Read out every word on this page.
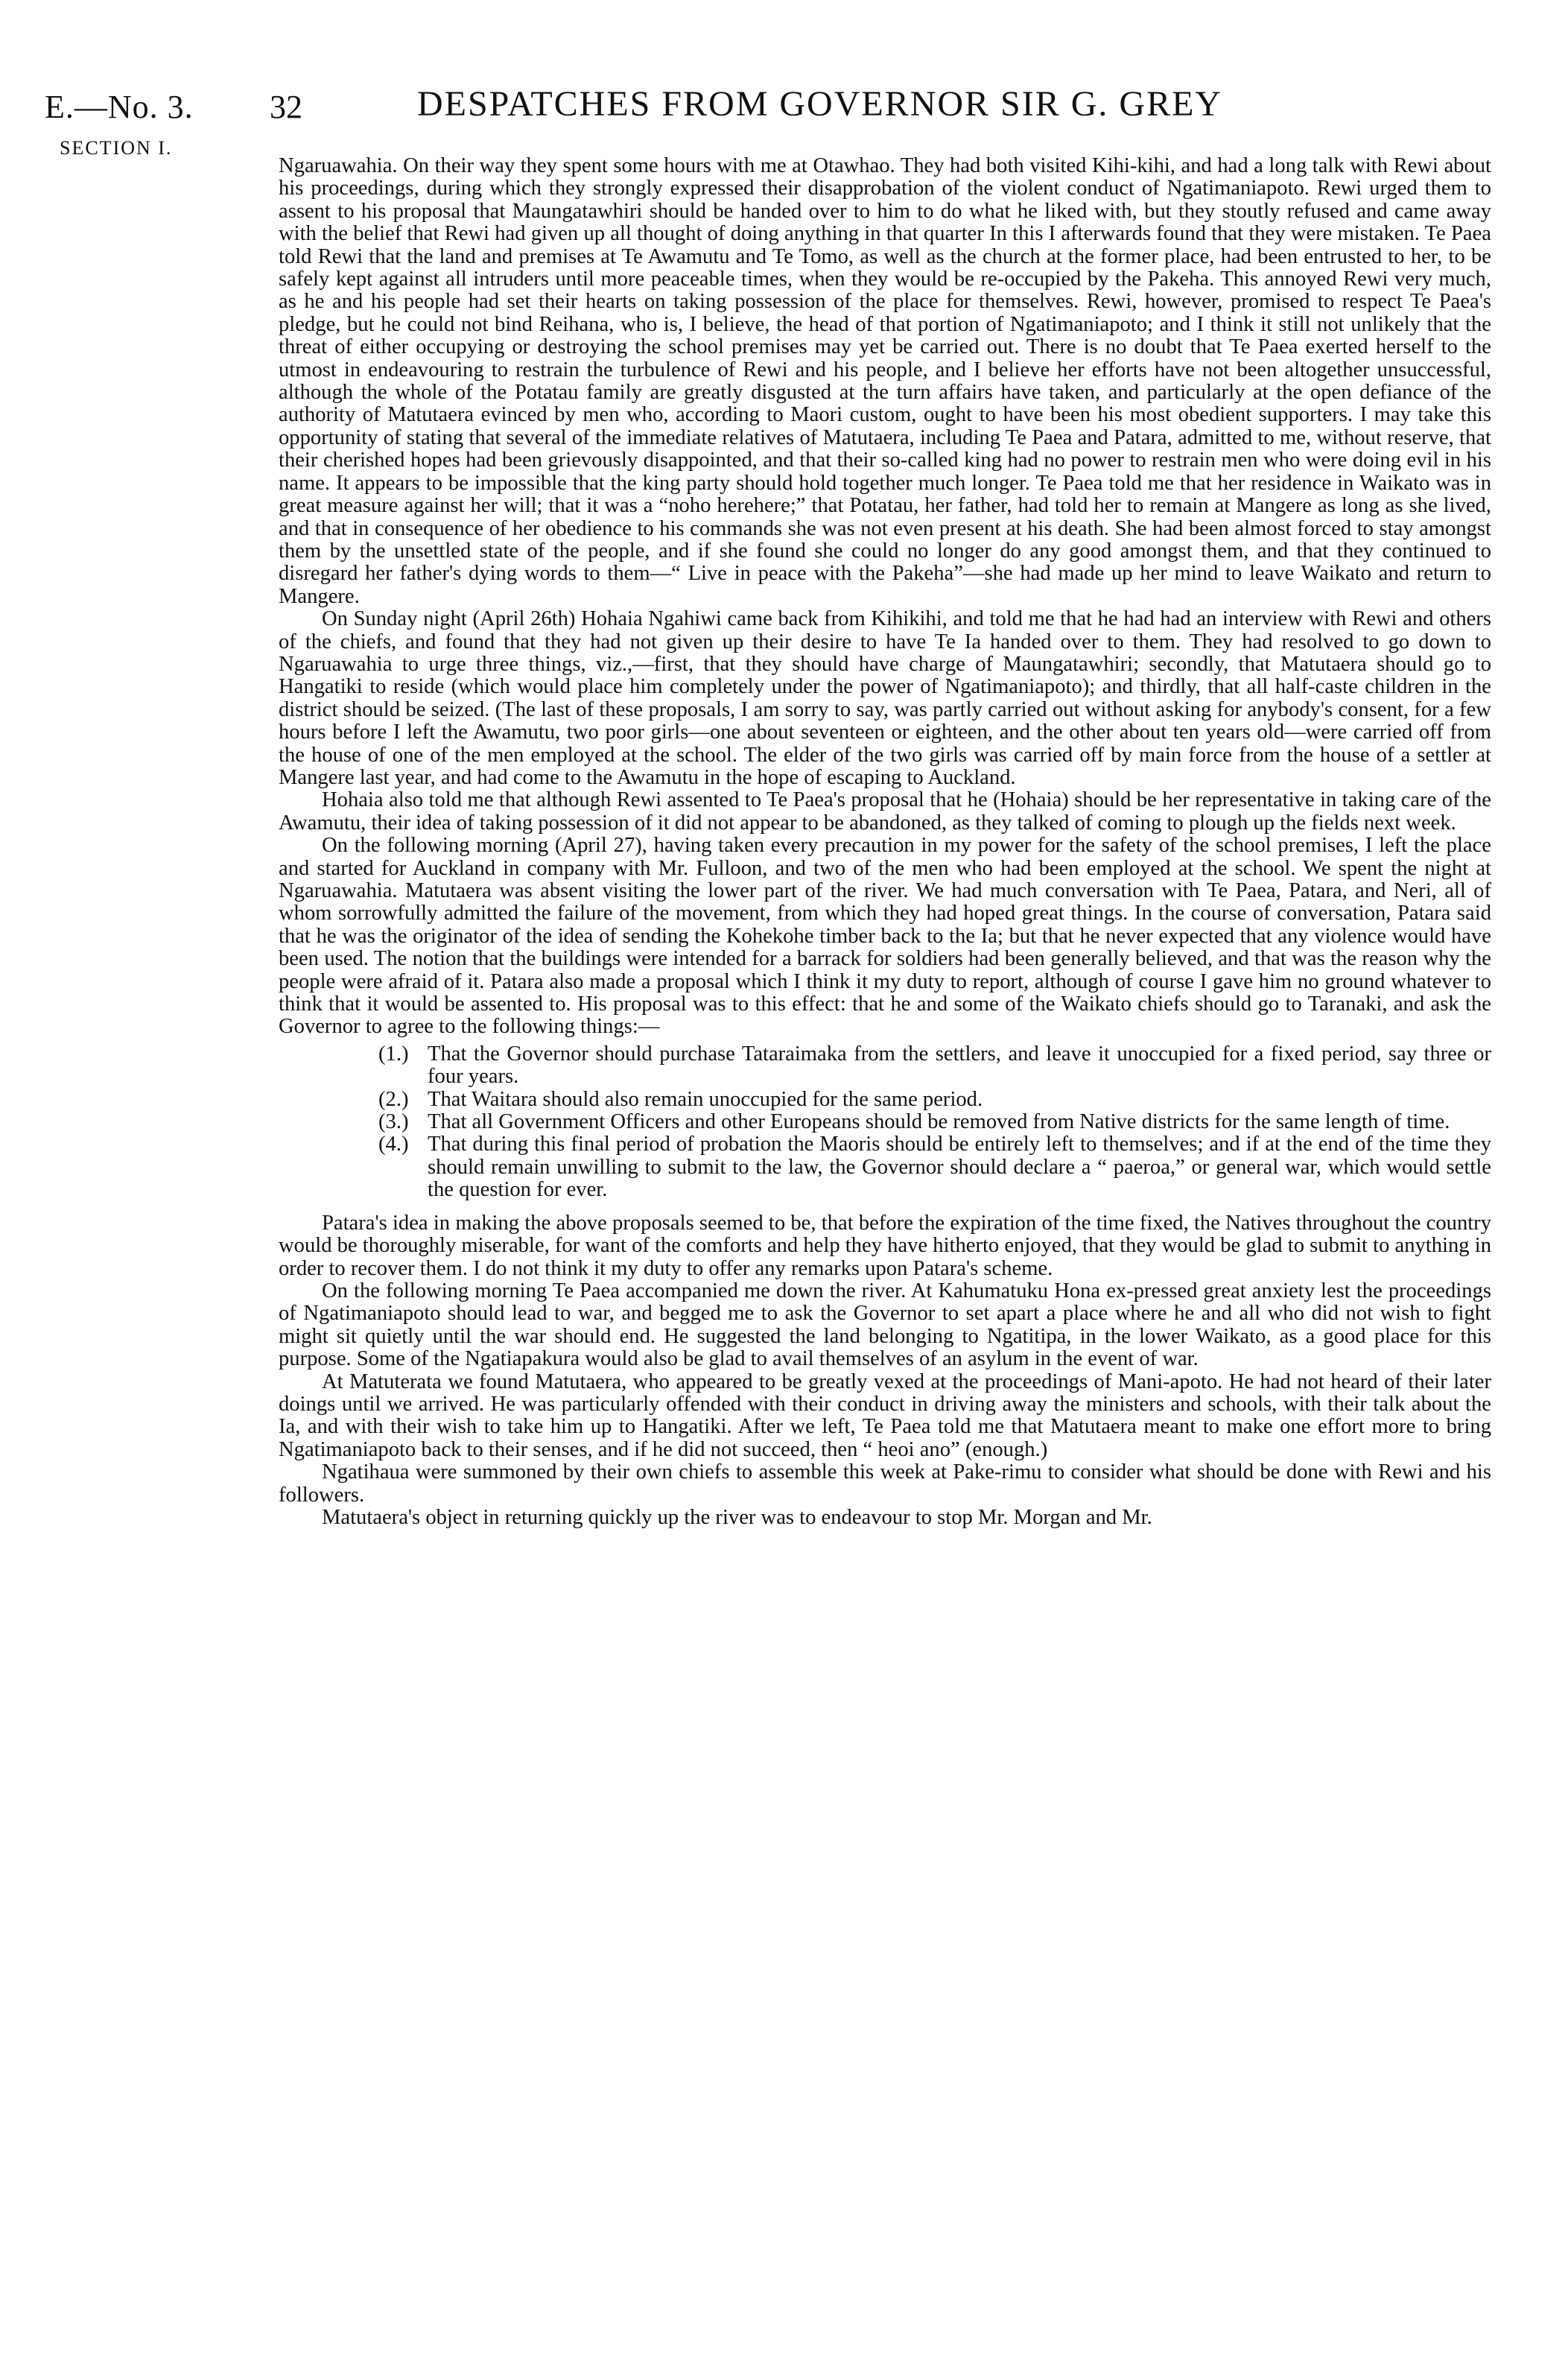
E.—No. 3. 32	DESPATCHES FROM GOVERNOR SIR G. GREY
SECTION I.

Ngaruawahia. On their way they spent some hours with me at Otawhao. They had both visited Kihi-kihi, and had a long talk with Rewi about his proceedings, during which they strongly expressed their disapprobation of the violent conduct of Ngatimaniapoto. Rewi urged them to assent to his proposal that Maungatawhiri should be handed over to him to do what he liked with, but they stoutly refused and came away with the belief that Rewi had given up all thought of doing anything in that quarter In this I afterwards found that they were mistaken. Te Paea told Rewi that the land and premises at Te Awamutu and Te Tomo, as well as the church at the former place, had been entrusted to her, to be safely kept against all intruders until more peaceable times, when they would be re-occupied by the Pakeha. This annoyed Rewi very much, as he and his people had set their hearts on taking possession of the place for themselves. Rewi, however, promised to respect Te Paea's pledge, but he could not bind Reihana, who is, I believe, the head of that portion of Ngatimaniapoto; and I think it still not unlikely that the threat of either occupying or destroying the school premises may yet be carried out. There is no doubt that Te Paea exerted herself to the utmost in endeavouring to restrain the turbulence of Rewi and his people, and I believe her efforts have not been altogether unsuccessful, although the whole of the Potatau family are greatly disgusted at the turn affairs have taken, and particularly at the open defiance of the authority of Matutaera evinced by men who, according to Maori custom, ought to have been his most obedient supporters. I may take this opportunity of stating that several of the immediate relatives of Matutaera, including Te Paea and Patara, admitted to me, without reserve, that their cherished hopes had been grievously disappointed, and that their so-called king had no power to restrain men who were doing evil in his name. It appears to be impossible that the king party should hold together much longer. Te Paea told me that her residence in Waikato was in great measure against her will; that it was a “noho herehere;” that Potatau, her father, had told her to remain at Mangere as long as she lived, and that in consequence of her obedience to his commands she was not even present at his death. She had been almost forced to stay amongst them by the unsettled state of the people, and if she found she could no longer do any good amongst them, and that they continued to disregard her father's dying words to them—“ Live in peace with the Pakeha”—she had made up her mind to leave Waikato and return to Mangere.

On Sunday night (April 26th) Hohaia Ngahiwi came back from Kihikihi, and told me that he had had an interview with Rewi and others of the chiefs, and found that they had not given up their desire to have Te Ia handed over to them. They had resolved to go down to Ngaruawahia to urge three things, viz.,—first, that they should have charge of Maungatawhiri; secondly, that Matutaera should go to Hangatiki to reside (which would place him completely under the power of Ngatimaniapoto); and thirdly, that all half-caste children in the district should be seized. (The last of these proposals, I am sorry to say, was partly carried out without asking for anybody's consent, for a few hours before I left the Awamutu, two poor girls—one about seventeen or eighteen, and the other about ten years old—were carried off from the house of one of the men employed at the school. The elder of the two girls was carried off by main force from the house of a settler at Mangere last year, and had come to the Awamutu in the hope of escaping to Auckland.

Hohaia also told me that although Rewi assented to Te Paea's proposal that he (Hohaia) should be her representative in taking care of the Awamutu, their idea of taking possession of it did not appear to be abandoned, as they talked of coming to plough up the fields next week.

On the following morning (April 27), having taken every precaution in my power for the safety of the school premises, I left the place and started for Auckland in company with Mr. Fulloon, and two of the men who had been employed at the school. We spent the night at Ngaruawahia. Matutaera was absent visiting the lower part of the river. We had much conversation with Te Paea, Patara, and Neri, all of whom sorrowfully admitted the failure of the movement, from which they had hoped great things. In the course of conversation, Patara said that he was the originator of the idea of sending the Kohekohe timber back to the Ia; but that he never expected that any violence would have been used. The notion that the buildings were intended for a barrack for soldiers had been generally believed, and that was the reason why the people were afraid of it. Patara also made a proposal which I think it my duty to report, although of course I gave him no ground whatever to think that it would be assented to. His proposal was to this effect: that he and some of the Waikato chiefs should go to Taranaki, and ask the Governor to agree to the following things:—

(1.) That the Governor should purchase Tataraimaka from the settlers, and leave it unoccupied for a fixed period, say three or four years.
(2.) That Waitara should also remain unoccupied for the same period.
(3.) That all Government Officers and other Europeans should be removed from Native districts for the same length of time.
(4.) That during this final period of probation the Maoris should be entirely left to themselves; and if at the end of the time they should remain unwilling to submit to the law, the Governor should declare a “ paeroa,” or general war, which would settle the question for ever.

Patara's idea in making the above proposals seemed to be, that before the expiration of the time fixed, the Natives throughout the country would be thoroughly miserable, for want of the comforts and help they have hitherto enjoyed, that they would be glad to submit to anything in order to recover them. I do not think it my duty to offer any remarks upon Patara's scheme.

On the following morning Te Paea accompanied me down the river. At Kahumatuku Hona ex-pressed great anxiety lest the proceedings of Ngatimaniapoto should lead to war, and begged me to ask the Governor to set apart a place where he and all who did not wish to fight might sit quietly until the war should end. He suggested the land belonging to Ngatitipa, in the lower Waikato, as a good place for this purpose. Some of the Ngatiapakura would also be glad to avail themselves of an asylum in the event of war.

At Matuterata we found Matutaera, who appeared to be greatly vexed at the proceedings of Mani-apoto. He had not heard of their later doings until we arrived. He was particularly offended with their conduct in driving away the ministers and schools, with their talk about the Ia, and with their wish to take him up to Hangatiki. After we left, Te Paea told me that Matutaera meant to make one effort more to bring Ngatimaniapoto back to their senses, and if he did not succeed, then “ heoi ano” (enough.)

Ngatihaua were summoned by their own chiefs to assemble this week at Pake-rimu to consider what should be done with Rewi and his followers.

Matutaera's object in returning quickly up the river was to endeavour to stop Mr. Morgan and Mr.
